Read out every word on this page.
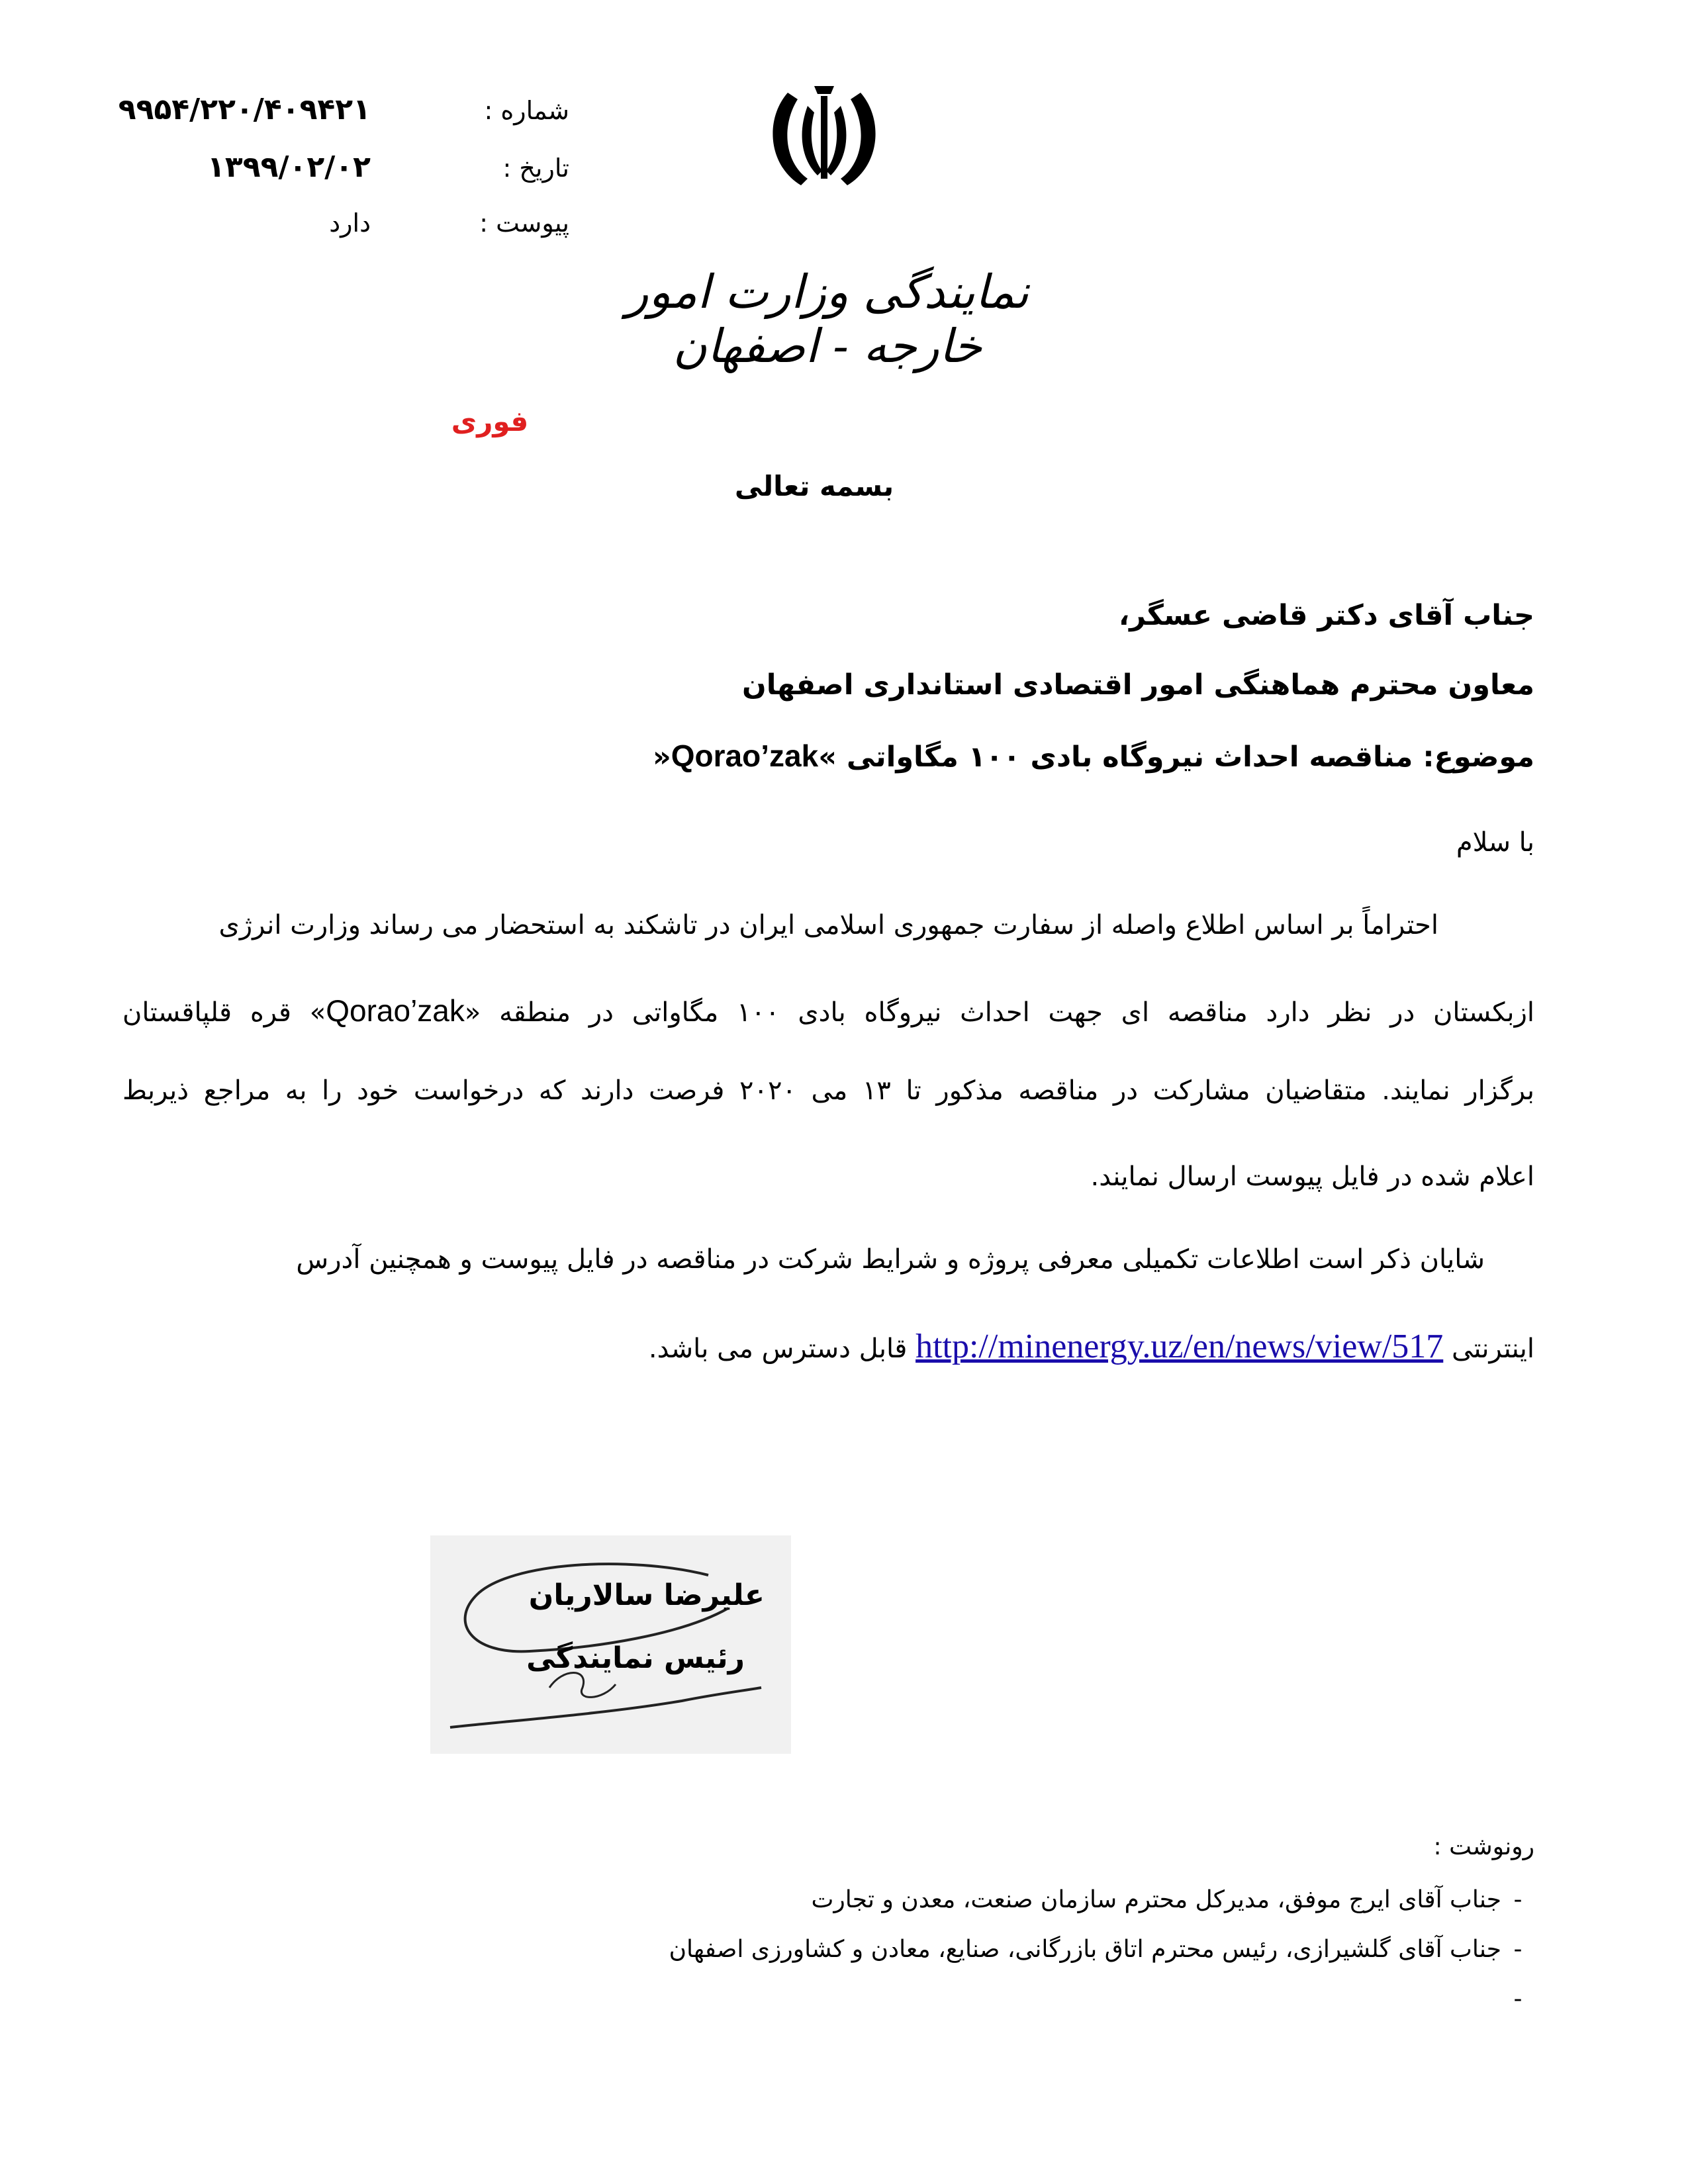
شماره :
۹۹۵۴/۲۲۰/۴۰۹۴۲۱
تاریخ :
۱۳۹۹/۰۲/۰۲
پیوست :
دارد
نمایندگی وزارت امور خارجه - اصفهان
فوری
بسمه تعالی
جناب آقای دکتر قاضی عسگر،
معاون محترم هماهنگی امور اقتصادی استانداری اصفهان
موضوع: مناقصه احداث نیروگاه بادی ۱۰۰ مگاواتی »Qorao’zak«
با سلام
احتراماً بر اساس اطلاع واصله از سفارت جمهوری اسلامی ایران در تاشکند به استحضار می رساند وزارت انرژی
ازبکستان در نظر دارد مناقصه ای جهت احداث نیروگاه بادی ۱۰۰ مگاواتی در منطقه «Qorao’zak» قره قلپاقستان
برگزار نمایند. متقاضیان مشارکت در مناقصه مذکور تا ۱۳ می ۲۰۲۰ فرصت دارند که درخواست خود را به مراجع ذیربط
اعلام شده در فایل پیوست ارسال نمایند.
شایان ذکر است اطلاعات تکمیلی معرفی پروژه و شرایط شرکت در مناقصه در فایل پیوست و همچنین آدرس
اینترنتی http://minenergy.uz/en/news/view/517 قابل دسترس می باشد.
علیرضا سالاریان
رئیس نمایندگی
رونوشت :
-جناب آقای ایرج موفق، مدیرکل محترم سازمان صنعت، معدن و تجارت
-جناب آقای گلشیرازی، رئیس محترم اتاق بازرگانی، صنایع، معادن و کشاورزی اصفهان
-
